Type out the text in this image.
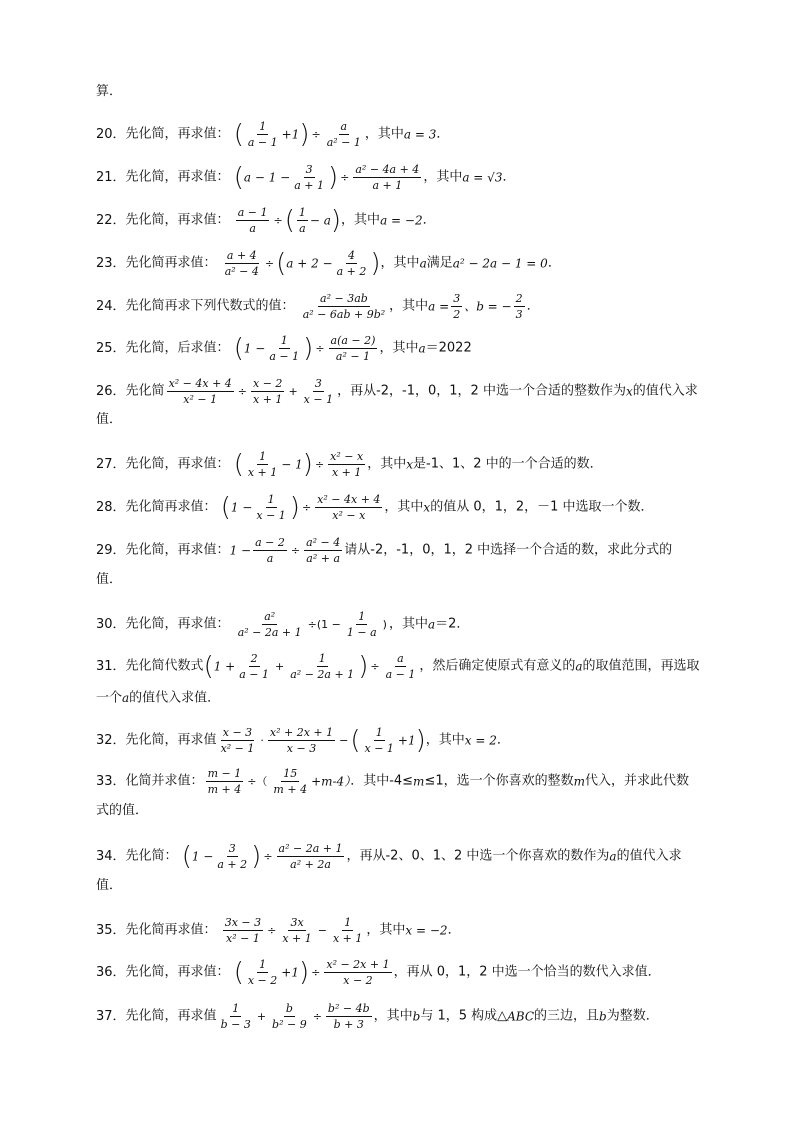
算．
20．先化简，再求值： ( $\frac{1}{a - 1} +1) \div \frac{a}{\text{a² − 1}}$ ，其中a = 3．
21．先化简，再求值： ($a - 1 - \frac{3}{a + 1}$ ) ÷ $\frac{\text{a² − 4a + 4}}{a + 1}$ ，其中a = √3．
22．先化简，再求值： $\frac{a - 1}{a}$ ÷( $\frac{1}{a} - a$)，其中a = −2．
23．先化简再求值： $\frac{a + 4}{\text{a² − 4}} \div(a + 2 - \frac{4}{a + 2}$ )，其中a满足a² − 2a − 1 = 0．
24．先化简再求下列代数式的值： $\frac{\text{a² − 3ab}}{\text{a² − 6ab + 9b²}}$ ，其中$a = \frac{3}{2}$ 、b = − $\frac{2}{3}$ ．
25．先化简，后求值： ($1 - \frac{1}{a - 1}$ ) ÷ $\frac{a(a - 2)}{\text{a² − 1}}$ ，其中a＝2022
26．先化简 $\frac{\text{x² − 4x + 4}}{\text{x² − 1}} \div \frac{x - 2}{x + 1} + \frac{3}{x - 1}$ ，再从-2，-1，0，1，2 中选一个合适的整数作为x的值代入求
值．
27．先化简，再求值： ( $\frac{1}{x + 1} - 1) \div \frac{\text{x² − x}}{x + 1}$ ，其中x是-1、1、2 中的一个合适的数．
28．先化简再求值： ($1 - \frac{1}{x - 1}$ ) ÷ $\frac{\text{x² − 4x + 4}}{\text{x² − x}}$ ，其中x的值从 0，1，2，－1 中选取一个数．
29．先化简，再求值：$1 - \frac{a - 2}{a} \div \frac{\text{a² − 4}}{\text{a² + a}}$ 请从-2，-1，0，1，2 中选择一个合适的数，求此分式的
值．
30．先化简，再求值： $\frac{\text{a²}}{\text{a² − 2a + 1}} \div(1 - \frac{1}{1 - a}$ ) ，其中a＝2．
31．先化简代数式($1 + \frac{2}{a - 1} + \frac{1}{\text{a² − 2a + 1}}$ ) ÷ $\frac{a}{a - 1}$ ，然后确定使原式有意义的a的取值范围，再选取
一个a的值代入求值．
32．先化简，再求值 $\frac{x - 3}{\text{x² − 1}} \cdot \frac{\text{x² + 2x + 1}}{x - 3}$ −( $\frac{1}{x - 1} +1$)，其中x = 2．
33．化简并求值： $\frac{m - 1}{m + 4}$ ÷（ $\frac{15}{m + 4} +m-4$）．其中-4≤m≤1，选一个你喜欢的整数m代入，并求此代数
式的值．
34．先化简： ($1 - \frac{3}{a + 2}$ ) ÷ $\frac{\text{a² − 2a + 1}}{\text{a² + 2a}}$ ，再从-2、0、1、2 中选一个你喜欢的数作为a的值代入求
值．
35．先化简再求值： $\frac{3x - 3}{\text{x² − 1}} \div \frac{3x}{x + 1} - \frac{1}{x + 1}$ ，其中x = −2．
36．先化简，再求值： ( $\frac{1}{x - 2} +1) \div \frac{\text{x² − 2x + 1}}{x - 2}$ ，再从 0，1，2 中选一个恰当的数代入求值．
37．先化简，再求值 $\frac{1}{b - 3} + \frac{b}{\text{b² − 9}} \div \frac{\text{b² − 4b}}{b + 3}$ ，其中b与 1，5 构成△ABC的三边，且b为整数．
